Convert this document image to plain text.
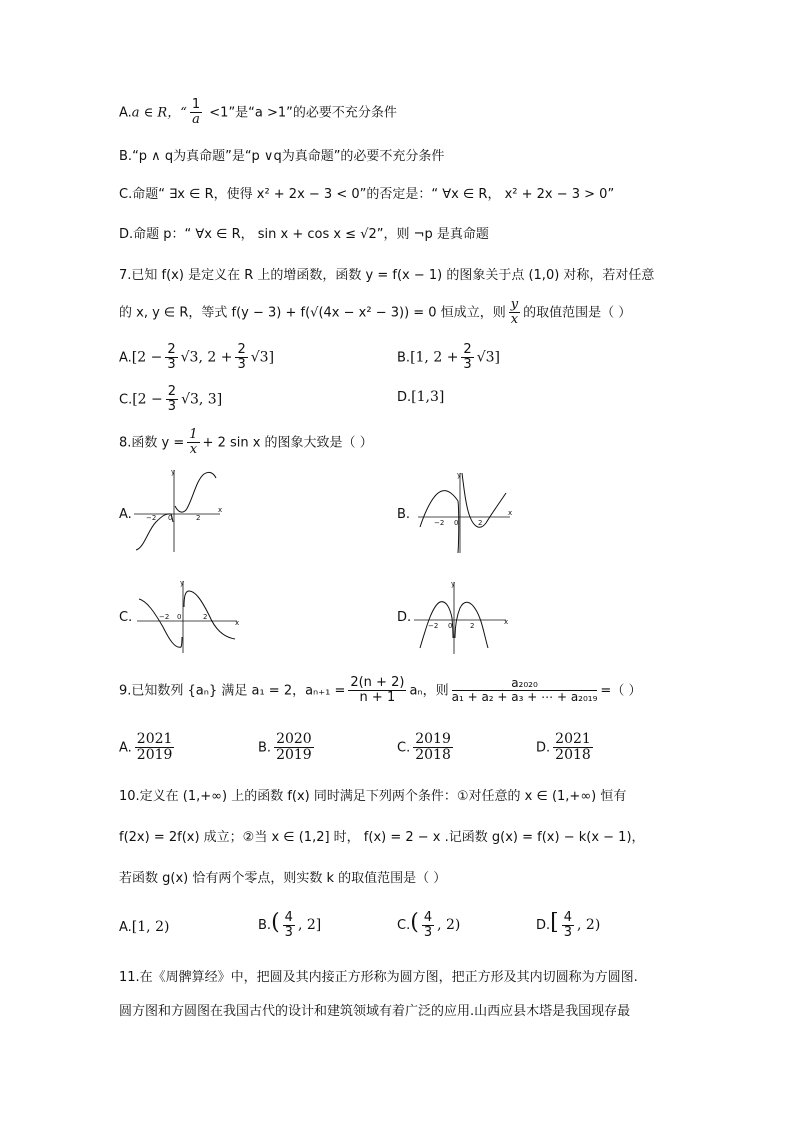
A.a ∈ R，“ $\frac{1}{a} <1$”是“a >1”的必要不充分条件
B.“p ∧ q为真命题”是“p ∨q为真命题”的必要不充分条件
C.命题“ ∃x ∈ R，使得 x² + 2x − 3 < 0”的否定是：“ ∀x ∈ R， x² + 2x − 3 > 0”
D.命题 p：“ ∀x ∈ R， sin x + cos x ≤ √2”，则 ¬p 是真命题
7.已知 f(x) 是定义在 R 上的增函数，函数 y = f(x − 1) 的图象关于点 (1,0) 对称，若对任意
的 x, y ∈ R，等式 f(y − 3) + f(√(4x − x² − 3)) = 0 恒成立，则 $\frac{y}{x}$ 的取值范围是（ ）
$A.[2 - \frac{2}{3} √3$, $2 + \frac{2}{3} √3$]	B.[1, $2 + \frac{2}{3} √3$]
$C.[2 - \frac{2}{3} √3$, 3]	D.[1,3]
8.函数 $y = \frac{1}{x} + 2$ sin x 的图象大致是（ ）
A.	B.
C.	D.
y
x
−2 0	2
y
x
−2 0	2
y
x
−2 0	2
y
x
−2 0	2
9.已知数列 {aₙ} 满足 a₁ = 2，$a_{n+1} = \frac{2(n + 2)}{n + 1}$ aₙ，则 $\frac{\text{a₂₀₂₀}}{\text{a₁ + a₂ + a₃ + ⋯ + a₂₀₁₉}}$ =（ ）
A. $\frac{2021}{2019}$	B. $\frac{2020}{2019}$	C. $\frac{2019}{2018}$	D. $\frac{2021}{2018}$
10.定义在 (1,+∞) 上的函数 f(x) 同时满足下列两个条件：①对任意的 x ∈ (1,+∞) 恒有
f(2x) = 2f(x) 成立；②当 x ∈ (1,2] 时， f(x) = 2 − x .记函数 g(x) = f(x) − k(x − 1)，
若函数 g(x) 恰有两个零点，则实数 k 的取值范围是（ ）
A.[1, 2)	$B.( \frac{4}{3}$ , 2]	$C.( \frac{4}{3}$ , 2)	$D.[ \frac{4}{3}$ , 2)
11.在《周髀算经》中，把圆及其内接正方形称为圆方图，把正方形及其内切圆称为方圆图.
圆方图和方圆图在我国古代的设计和建筑领域有着广泛的应用.山西应县木塔是我国现存最
